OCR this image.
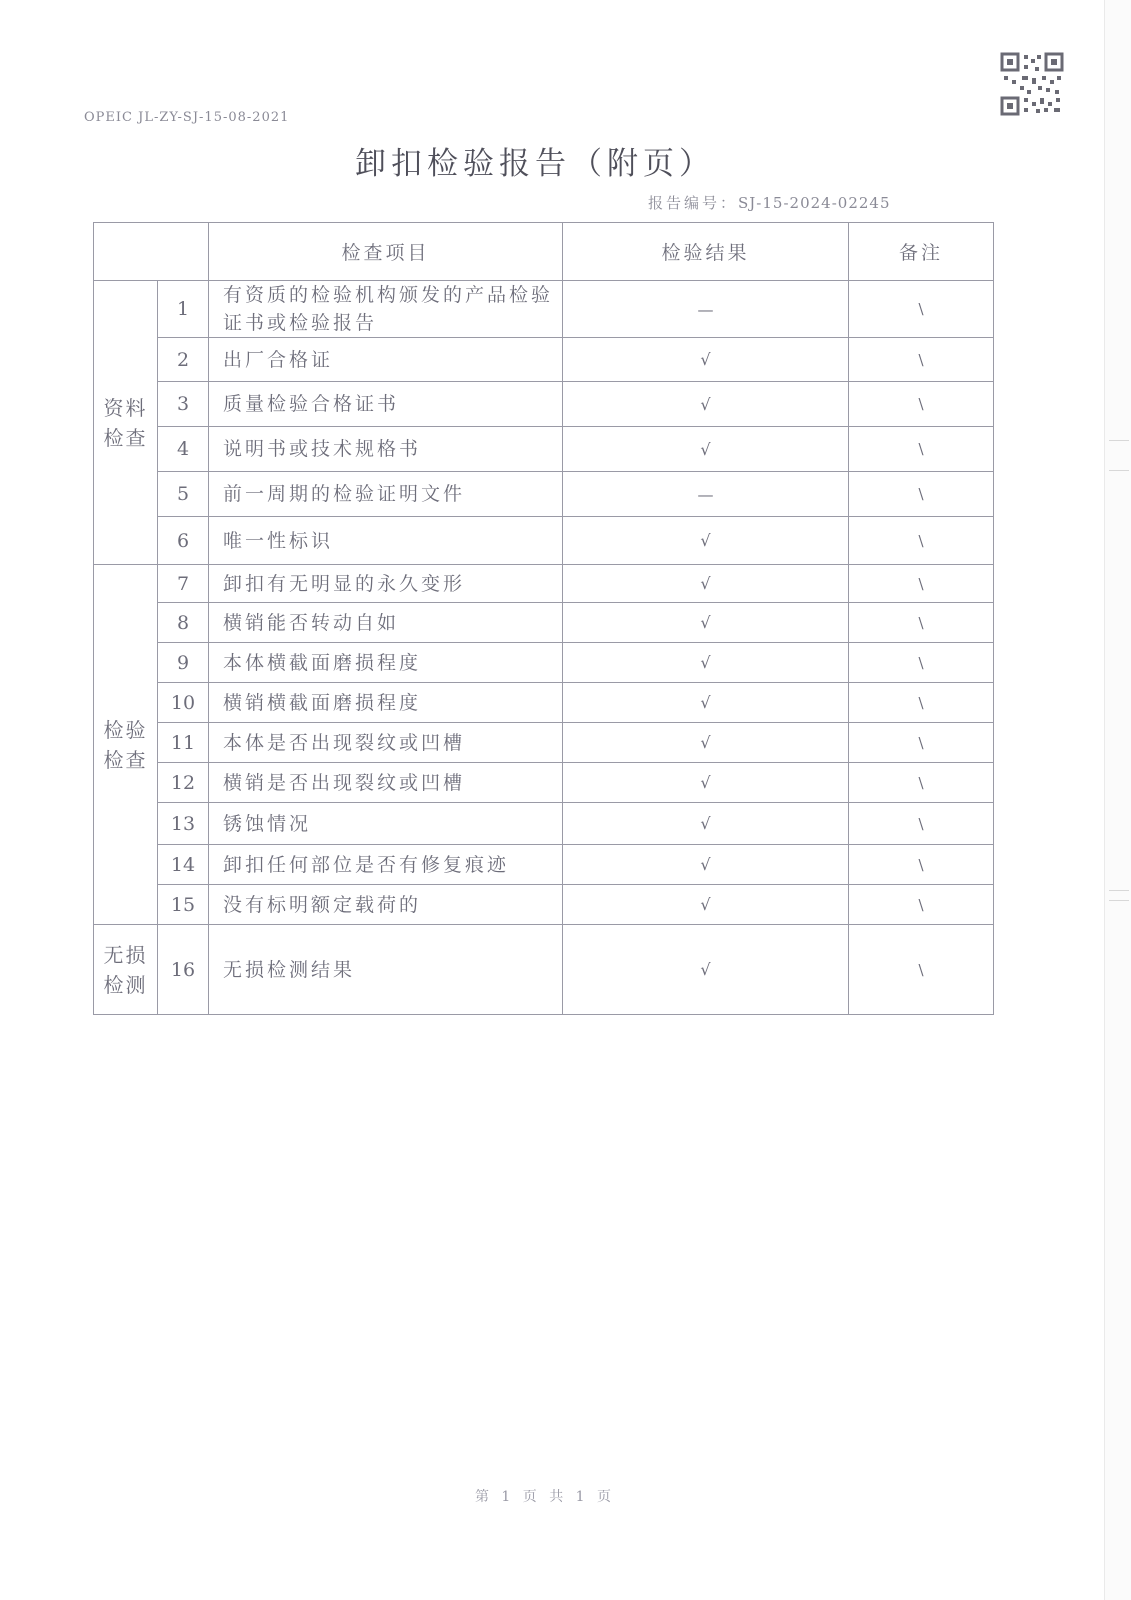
OPEIC JL-ZY-SJ-15-08-2021
卸扣检验报告（附页）
报告编号：SJ-15-2024-02245
		检查项目	检验结果	备注
资料检查	1	有资质的检验机构颁发的产品检验证书或检验报告	—	\
	2	出厂合格证	√	\
	3	质量检验合格证书	√	\
	4	说明书或技术规格书	√	\
	5	前一周期的检验证明文件	—	\
	6	唯一性标识	√	\
检验检查	7	卸扣有无明显的永久变形	√	\
	8	横销能否转动自如	√	\
	9	本体横截面磨损程度	√	\
	10	横销横截面磨损程度	√	\
	11	本体是否出现裂纹或凹槽	√	\
	12	横销是否出现裂纹或凹槽	√	\
	13	锈蚀情况	√	\
	14	卸扣任何部位是否有修复痕迹	√	\
	15	没有标明额定载荷的	√	\
无损检测	16	无损检测结果	√	\
第 1 页 共 1 页
